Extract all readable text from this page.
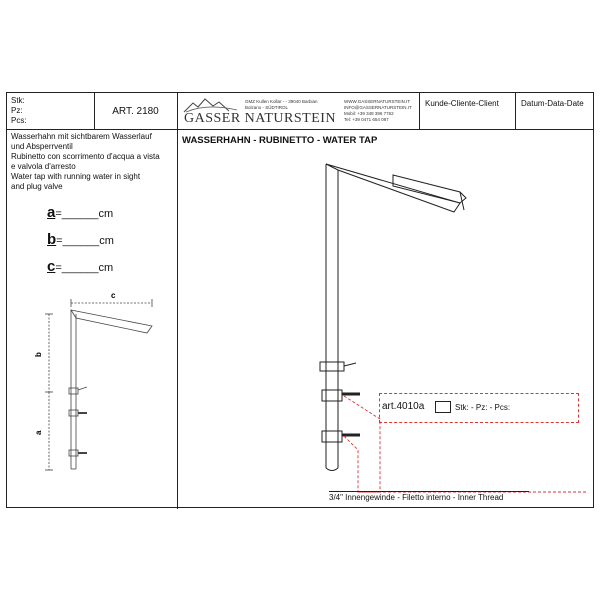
Stk:
Pz:
Pcs:
ART. 2180	GASSER NATURSTEIN
GMZ Kullen Kollar - - 39040 Barbian
Bolzano - SÜDTIROL
WWW.GASSERNATURSTEIN.IT
INFO@GASSERNATURSTEIN.IT
Mobil: +39 348 396 7762
Tel: +39 0471 654 087
Kunde-Cliente-Client	Datum-Data-Date
Wasserhahn mit sichtbarem Wasserlauf
und Absperrventil
Rubinetto con scorrimento d'acqua a vista
e valvola d'arresto
Water tap with running water in sight
and plug valve
a=______cm
b=______cm
c=______cm
c
b
a
WASSERHAHN - RUBINETTO - WATER TAP
art.4010a	Stk: - Pz: - Pcs:
3/4" Innengewinde - Filetto interno - Inner Thread
